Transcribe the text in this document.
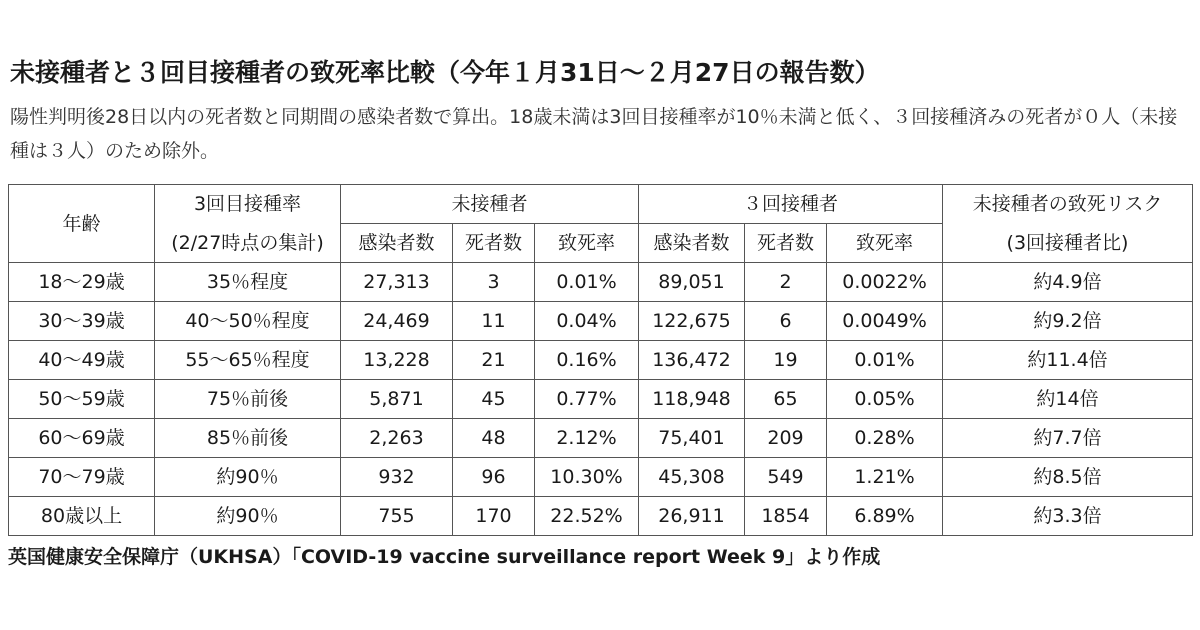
未接種者と３回目接種者の致死率比較（今年１月31日～２月27日の報告数）
陽性判明後28日以内の死者数と同期間の感染者数で算出。18歳未満は3回目接種率が10％未満と低く、３回接種済みの死者が０人（未接種は３人）のため除外。
	3回目接種率	未接種者			３回接種者			未接種者の致死リスク
年齢	(2/27時点の集計)	感染者数	死者数	致死率	感染者数	死者数	致死率	(3回接種者比)
18～29歳	35％程度	27,313	3	0.01%	89,051	2	0.0022%	約4.9倍
30～39歳	40～50％程度	24,469	11	0.04%	122,675	6	0.0049%	約9.2倍
40～49歳	55～65％程度	13,228	21	0.16%	136,472	19	0.01%	約11.4倍
50～59歳	75％前後	5,871	45	0.77%	118,948	65	0.05%	約14倍
60～69歳	85％前後	2,263	48	2.12%	75,401	209	0.28%	約7.7倍
70～79歳	約90％	932	96	10.30%	45,308	549	1.21%	約8.5倍
80歳以上	約90％	755	170	22.52%	26,911	1854	6.89%	約3.3倍
英国健康安全保障庁（UKHSA）「COVID-19 vaccine surveillance report Week 9」より作成
